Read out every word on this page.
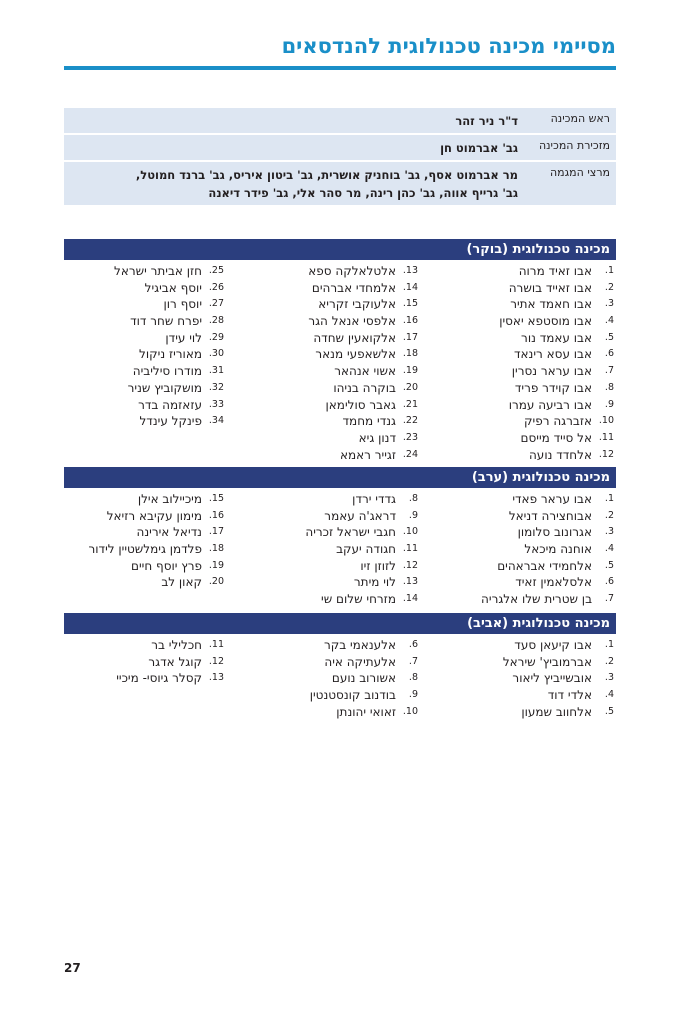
מסיימי מכינה טכנולוגית להנדסאים
ראש המכינה
ד"ר ניר זהר
מזכירת המכינה
גב' אברמוט חן
מרצי המגמה
מר אברמוט אסף, גב' בוחניק אושרית, גב' ביטון איריס, גב' ברנד חמוטל,
גב' גרייף אווה, גב' כהן רינה, מר סהר אלי, גב' פידר דיאנה
מכינה טכנולוגית (בוקר)
1.
אבו זאיד מרוה
2.
אבו זאייד בושרה
3.
אבו חאמד אתיר
4.
אבו מוסטפא יאסין
5.
אבו עאמד נור
6.
אבו עסא רינאד
7.
אבו עראר נסרין
8.
אבו קוידר פריד
9.
אבו רביעה עמרו
10.
אזברגה רפיק
11.
אל סייד מייסם
12.
אלחדד נועה
13.
אלטלאלקה ספא
14.
אלמחדי אברהים
15.
אלעוקבי זקריא
16.
אלפסי אנאל הגר
17.
אלקואעין שחדה
18.
אלשאפעי מנאר
19.
אשוי אנהאר
20.
בוקרה בניהו
21.
גאבר סולימאן
22.
גנדי מחמד
23.
דנון גיא
24.
זגייר ראמא
25.
חזן אביתר ישראל
26.
יוסף אביגיל
27.
יוסף רון
28.
יפרח שחר דוד
29.
לוי עידן
30.
מאוריז ניקול
31.
מודרו סיליביה
32.
מושקוביץ שניר
33.
עזאזמה בדר
34.
פינקל עינדל
מכינה טכנולוגית (ערב)
1.
אבו עראר פאדי
2.
אבוחצירה דניאל
3.
אגרונוב סלומון
4.
אוחנה מיכאל
5.
אלחמידי אבראהים
6.
אלסלאמין זאיד
7.
בן שטרית שלו אלגריה
8.
גדדי ירדן
9.
דראג'ה עאמר
10.
חגבי ישראל זכריה
11.
חגודה יעקב
12.
לזוזן זיו
13.
לוי מיתר
14.
מזרחי שלום שי
15.
מיכיילוב אילן
16.
מימון עקיבא רזיאל
17.
נדיאל אירינה
18.
פלדמן גימלשטיין לידור
19.
פרץ יוסף חיים
20.
קאון לב
מכינה טכנולוגית (אביב)
1.
אבו קיעאן סעד
2.
אברמוביץ' שיראל
3.
אובשייביץ ליאור
4.
אלדי דוד
5.
אלחווב שמעון
6.
אלענאמי בקר
7.
אלעתיקה איה
8.
אשורוב נועם
9.
בודנוב קונסטנטין
10.
זאואי יהונתן
11.
חכלילי בר
12.
קוגל אדגר
13.
קסלר גיוסי- מיכיי
27
